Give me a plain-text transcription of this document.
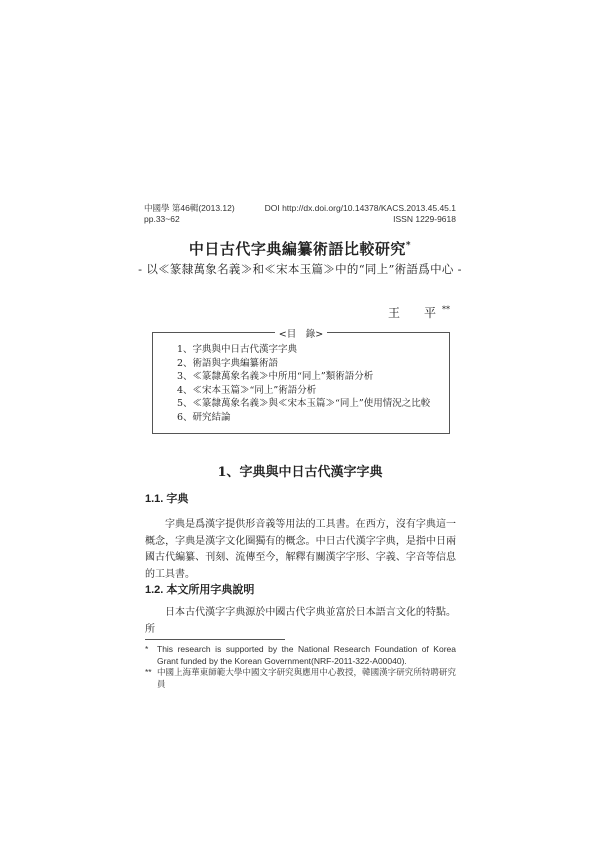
中國學 第46輯(2013.12)
pp.33~62
DOI http://dx.doi.org/10.14378/KACS.2013.45.45.1
ISSN 1229-9618
中日古代字典編纂術語比較研究*
- 以≪篆隸萬象名義≫和≪宋本玉篇≫中的“同上”術語爲中心 -
王　平**
<目　錄>
1、字典與中日古代漢字字典
2、術語與字典編纂術語
3、≪篆隸萬象名義≫中所用“同上”類術語分析
4、≪宋本玉篇≫“同上”術語分析
5、≪篆隸萬象名義≫與≪宋本玉篇≫“同上”使用情況之比較
6、研究結論
1、字典與中日古代漢字字典
1.1. 字典

字典是爲漢字提供形音義等用法的工具書。在西方，沒有字典這一概念，字典是漢字文化圈獨有的概念。中日古代漢字字典，是指中日兩國古代編纂、刊刻、流傳至今，解釋有關漢字字形、字義、字音等信息的工具書。

1.2. 本文所用字典說明

日本古代漢字字典源於中國古代字典並富於日本語言文化的特點。所

* This research is supported by the National Research Foundation of Korea Grant funded by the Korean Government(NRF-2011-322-A00040).
** 中國上海華東師範大學中國文字研究與應用中心教授，韓國漢字研究所特聘研究員
